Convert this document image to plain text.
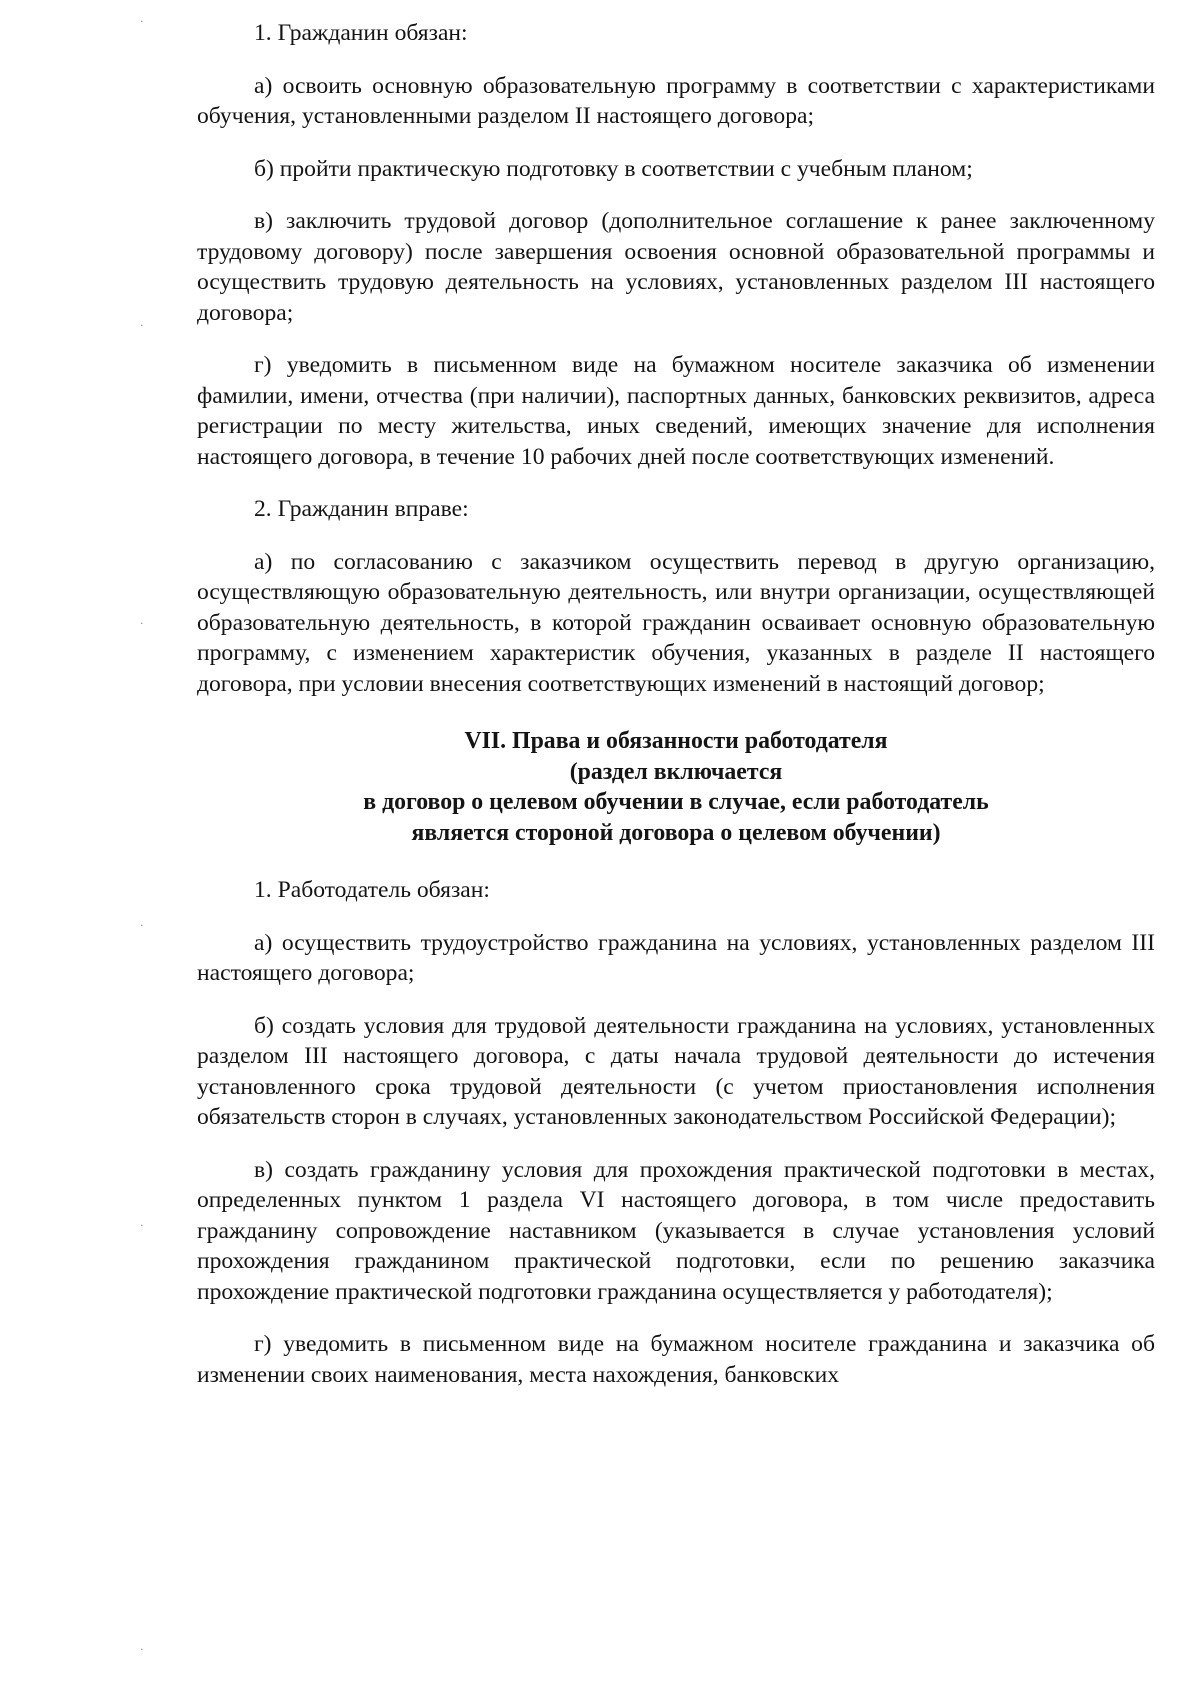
.
.
.
.
.
.

1. Гражданин обязан:

а) освоить основную образовательную программу в соответствии с характеристиками обучения, установленными разделом II настоящего договора;

б) пройти практическую подготовку в соответствии с учебным планом;

в) заключить трудовой договор (дополнительное соглашение к ранее заключенному трудовому договору) после завершения освоения основной образовательной программы и осуществить трудовую деятельность на условиях, установленных разделом III настоящего договора;

г) уведомить в письменном виде на бумажном носителе заказчика об изменении фамилии, имени, отчества (при наличии), паспортных данных, банковских реквизитов, адреса регистрации по месту жительства, иных сведений, имеющих значение для исполнения настоящего договора, в течение 10 рабочих дней после соответствующих изменений.

2. Гражданин вправе:

а) по согласованию с заказчиком осуществить перевод в другую организацию, осуществляющую образовательную деятельность, или внутри организации, осуществляющей образовательную деятельность, в которой гражданин осваивает основную образовательную программу, с изменением характеристик обучения, указанных в разделе II настоящего договора, при условии внесения соответствующих изменений в настоящий договор;

VII. Права и обязанности работодателя
(раздел включается
в договор о целевом обучении в случае, если работодатель
является стороной договора о целевом обучении)

1. Работодатель обязан:

а) осуществить трудоустройство гражданина на условиях, установленных разделом III настоящего договора;

б) создать условия для трудовой деятельности гражданина на условиях, установленных разделом III настоящего договора, с даты начала трудовой деятельности до истечения установленного срока трудовой деятельности (с учетом приостановления исполнения обязательств сторон в случаях, установленных законодательством Российской Федерации);

в) создать гражданину условия для прохождения практической подготовки в местах, определенных пунктом 1 раздела VI настоящего договора, в том числе предоставить гражданину сопровождение наставником (указывается в случае установления условий прохождения гражданином практической подготовки, если по решению заказчика прохождение практической подготовки гражданина осуществляется у работодателя);

г) уведомить в письменном виде на бумажном носителе гражданина и заказчика об изменении своих наименования, места нахождения, банковских
